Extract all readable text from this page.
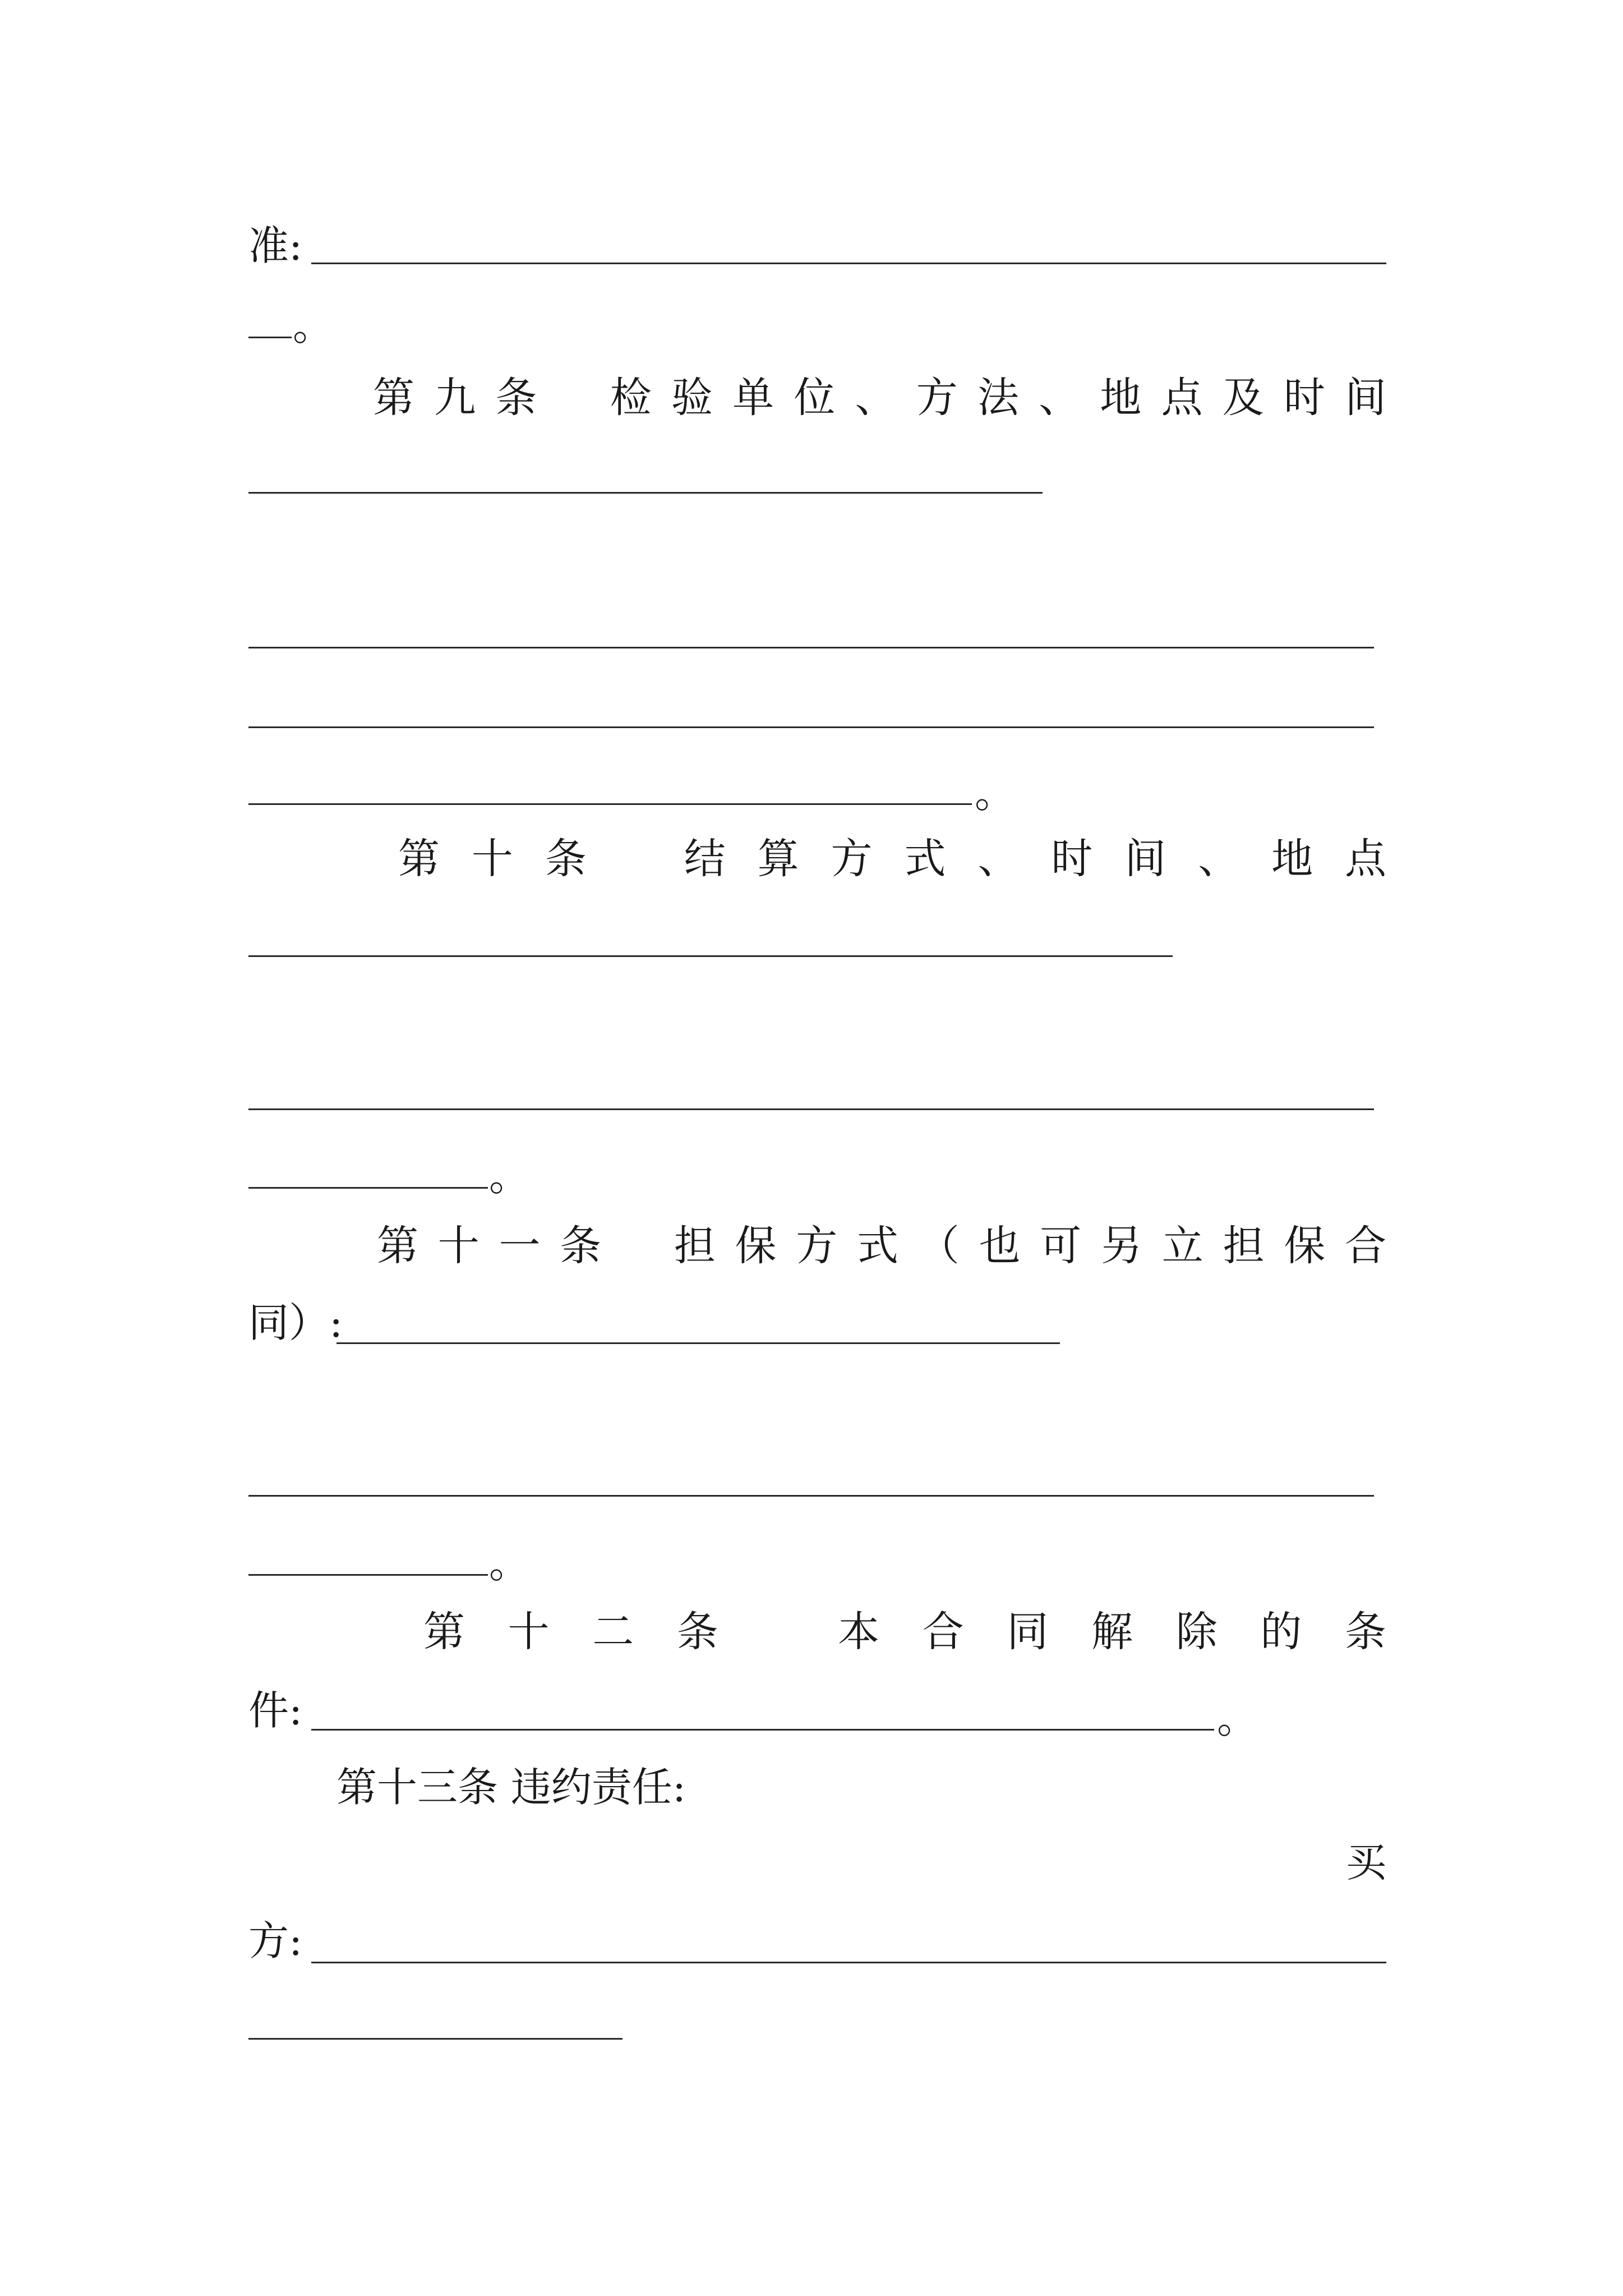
准:
。
第 九 条 检 验 单 位 、 方 法 、 地 点 及 时 间
。
第 十 条 结 算 方 式 、 时 间 、 地 点
。
第 十 一 条 担 保 方 式 （ 也 可 另 立 担 保 合
同）:
。
第 十 二 条	本 合 同 解 除 的 条
件:	。
第十三条 违约责任:
买
方:
